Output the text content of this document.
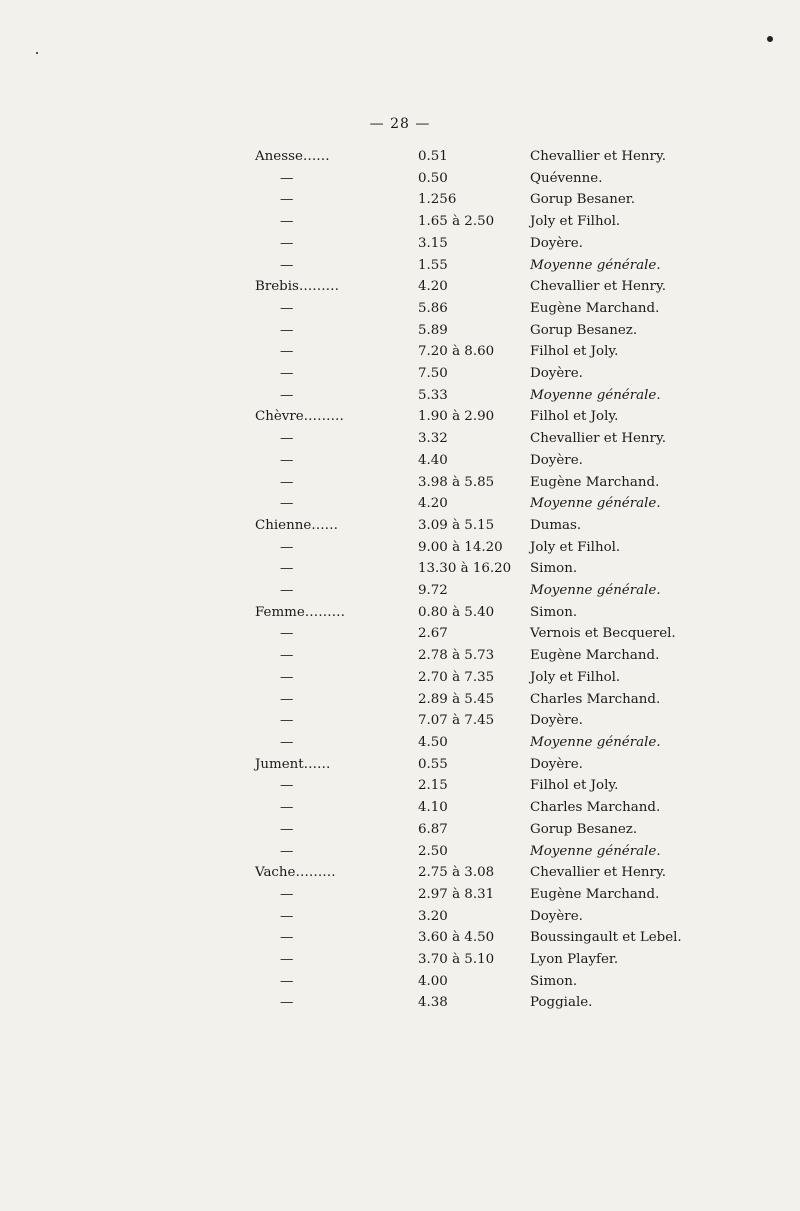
— 28 —
Anesse……	0.51	Chevallier et Henry.
—	0.50	Quévenne.
—	1.256	Gorup Besaner.
—	1.65 à 2.50	Joly et Filhol.
—	3.15	Doyère.
—	1.55	Moyenne générale.
Brebis………	4.20	Chevallier et Henry.
—	5.86	Eugène Marchand.
—	5.89	Gorup Besanez.
—	7.20 à 8.60	Filhol et Joly.
—	7.50	Doyère.
—	5.33	Moyenne générale.
Chèvre………	1.90 à 2.90	Filhol et Joly.
—	3.32	Chevallier et Henry.
—	4.40	Doyère.
—	3.98 à 5.85	Eugène Marchand.
—	4.20	Moyenne générale.
Chienne……	3.09 à 5.15	Dumas.
—	9.00 à 14.20	Joly et Filhol.
—	13.30 à 16.20	Simon.
—	9.72	Moyenne générale.
Femme………	0.80 à 5.40	Simon.
—	2.67	Vernois et Becquerel.
—	2.78 à 5.73	Eugène Marchand.
—	2.70 à 7.35	Joly et Filhol.
—	2.89 à 5.45	Charles Marchand.
—	7.07 à 7.45	Doyère.
—	4.50	Moyenne générale.
Jument……	0.55	Doyère.
—	2.15	Filhol et Joly.
—	4.10	Charles Marchand.
—	6.87	Gorup Besanez.
—	2.50	Moyenne générale.
Vache………	2.75 à 3.08	Chevallier et Henry.
—	2.97 à 8.31	Eugène Marchand.
—	3.20	Doyère.
—	3.60 à 4.50	Boussingault et Lebel.
—	3.70 à 5.10	Lyon Playfer.
—	4.00	Simon.
—	4.38	Poggiale.
